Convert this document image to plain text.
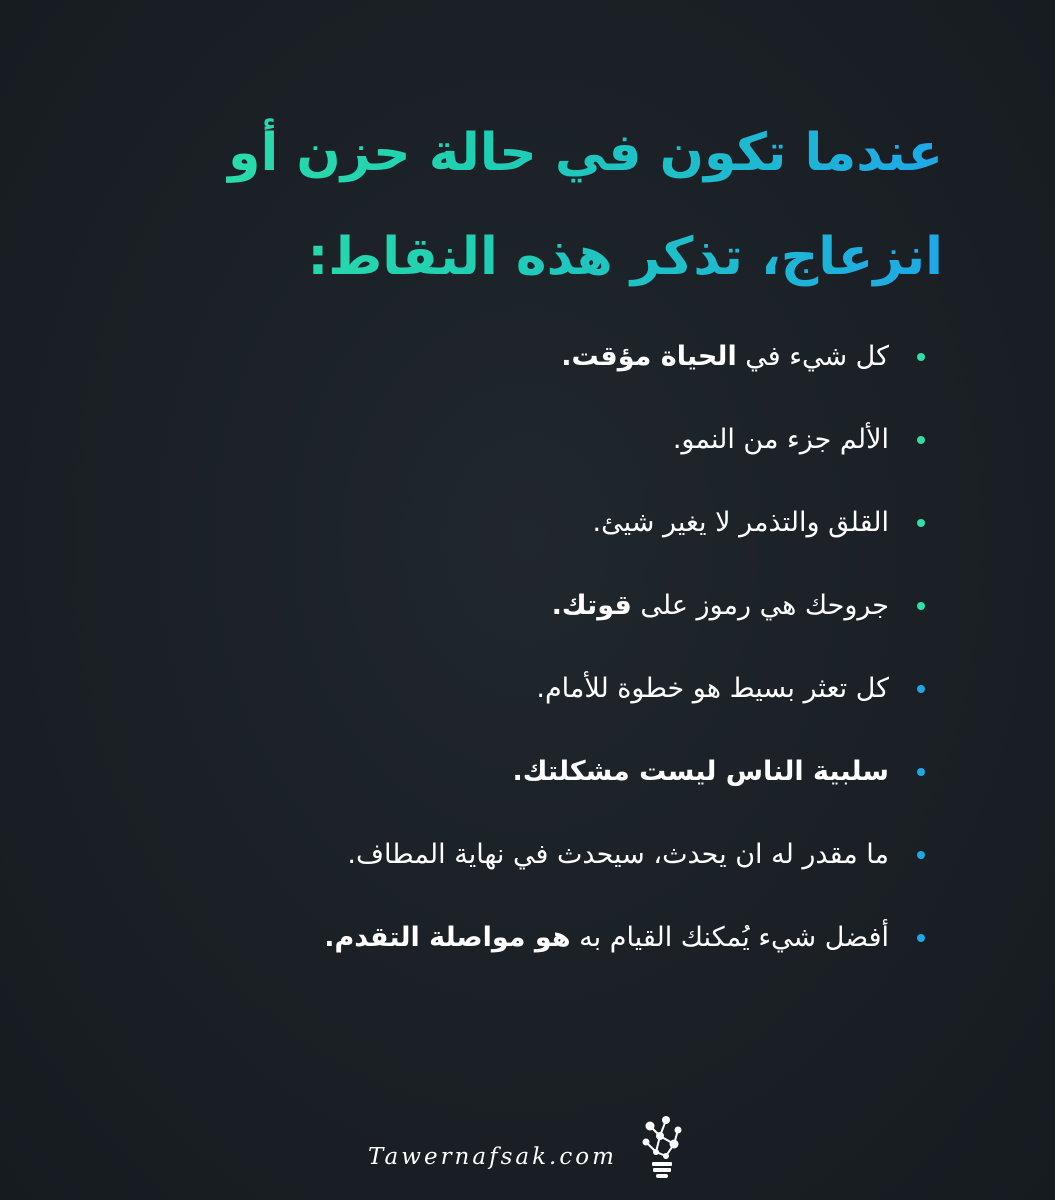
عندما تكون في حالة حزن أو
انزعاج، تذكر هذه النقاط:
كل شيء في الحياة مؤقت.
الألم جزء من النمو.
القلق والتذمر لا يغير شيئ.
جروحك هي رموز على قوتك.
كل تعثر بسيط هو خطوة للأمام.
سلبية الناس ليست مشكلتك.
ما مقدر له ان يحدث، سيحدث في نهاية المطاف.
أفضل شيء يُمكنك القيام به هو مواصلة التقدم.
Tawernafsak.com
